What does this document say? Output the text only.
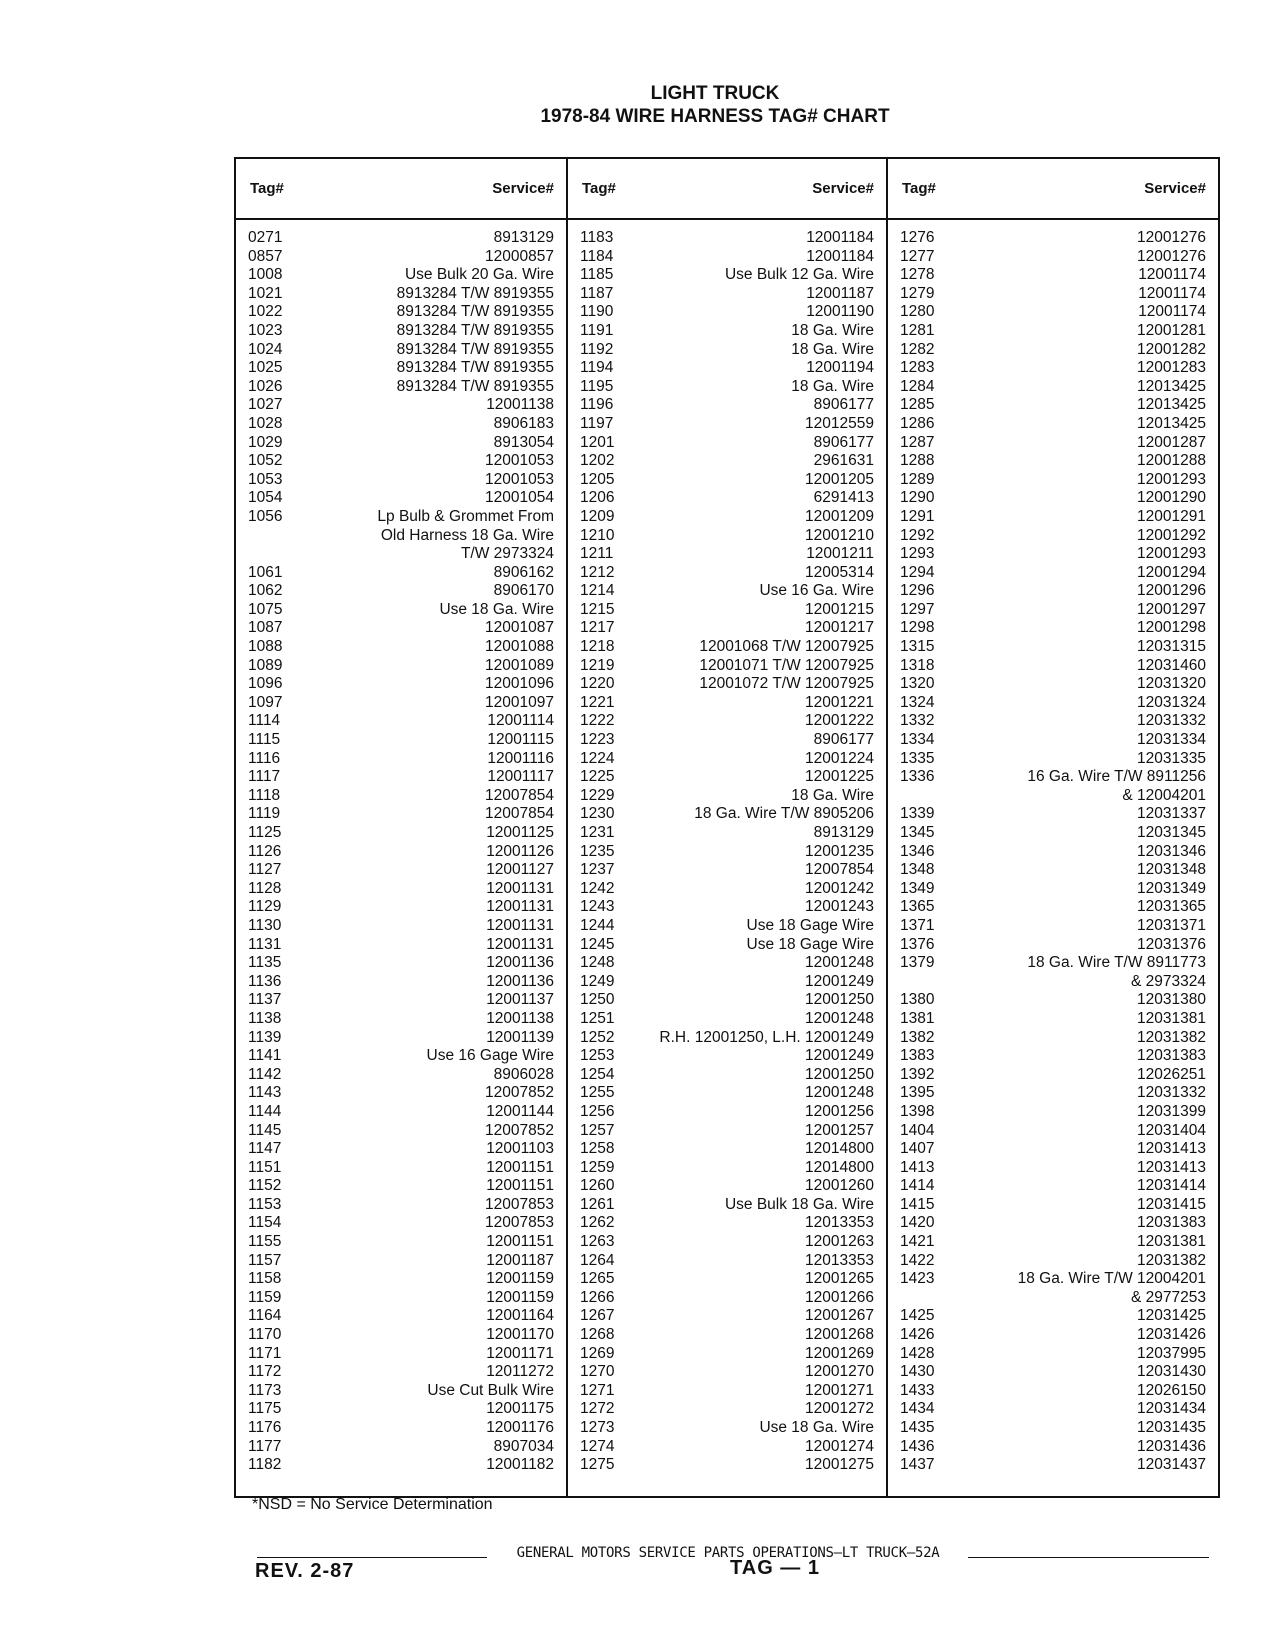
LIGHT TRUCK
1978-84 WIRE HARNESS TAG# CHART
Tag#	Service#
0271	8913129
0857	12000857
1008	Use Bulk 20 Ga. Wire
1021	8913284 T/W 8919355
1022	8913284 T/W 8919355
1023	8913284 T/W 8919355
1024	8913284 T/W 8919355
1025	8913284 T/W 8919355
1026	8913284 T/W 8919355
1027	12001138
1028	8906183
1029	8913054
1052	12001053
1053	12001053
1054	12001054
1056	Lp Bulb & Grommet From
Old Harness 18 Ga. Wire
T/W 2973324
1061	8906162
1062	8906170
1075	Use 18 Ga. Wire
1087	12001087
1088	12001088
1089	12001089
1096	12001096
1097	12001097
1114	12001114
1115	12001115
1116	12001116
1117	12001117
1118	12007854
1119	12007854
1125	12001125
1126	12001126
1127	12001127
1128	12001131
1129	12001131
1130	12001131
1131	12001131
1135	12001136
1136	12001136
1137	12001137
1138	12001138
1139	12001139
1141	Use 16 Gage Wire
1142	8906028
1143	12007852
1144	12001144
1145	12007852
1147	12001103
1151	12001151
1152	12001151
1153	12007853
1154	12007853
1155	12001151
1157	12001187
1158	12001159
1159	12001159
1164	12001164
1170	12001170
1171	12001171
1172	12011272
1173	Use Cut Bulk Wire
1175	12001175
1176	12001176
1177	8907034
1182	12001182
Tag#	Service#
1183	12001184
1184	12001184
1185	Use Bulk 12 Ga. Wire
1187	12001187
1190	12001190
1191	18 Ga. Wire
1192	18 Ga. Wire
1194	12001194
1195	18 Ga. Wire
1196	8906177
1197	12012559
1201	8906177
1202	2961631
1205	12001205
1206	6291413
1209	12001209
1210	12001210
1211	12001211
1212	12005314
1214	Use 16 Ga. Wire
1215	12001215
1217	12001217
1218	12001068 T/W 12007925
1219	12001071 T/W 12007925
1220	12001072 T/W 12007925
1221	12001221
1222	12001222
1223	8906177
1224	12001224
1225	12001225
1229	18 Ga. Wire
1230	18 Ga. Wire T/W 8905206
1231	8913129
1235	12001235
1237	12007854
1242	12001242
1243	12001243
1244	Use 18 Gage Wire
1245	Use 18 Gage Wire
1248	12001248
1249	12001249
1250	12001250
1251	12001248
1252	R.H. 12001250, L.H. 12001249
1253	12001249
1254	12001250
1255	12001248
1256	12001256
1257	12001257
1258	12014800
1259	12014800
1260	12001260
1261	Use Bulk 18 Ga. Wire
1262	12013353
1263	12001263
1264	12013353
1265	12001265
1266	12001266
1267	12001267
1268	12001268
1269	12001269
1270	12001270
1271	12001271
1272	12001272
1273	Use 18 Ga. Wire
1274	12001274
1275	12001275
Tag#	Service#
1276	12001276
1277	12001276
1278	12001174
1279	12001174
1280	12001174
1281	12001281
1282	12001282
1283	12001283
1284	12013425
1285	12013425
1286	12013425
1287	12001287
1288	12001288
1289	12001293
1290	12001290
1291	12001291
1292	12001292
1293	12001293
1294	12001294
1296	12001296
1297	12001297
1298	12001298
1315	12031315
1318	12031460
1320	12031320
1324	12031324
1332	12031332
1334	12031334
1335	12031335
1336	16 Ga. Wire T/W 8911256
& 12004201
1339	12031337
1345	12031345
1346	12031346
1348	12031348
1349	12031349
1365	12031365
1371	12031371
1376	12031376
1379	18 Ga. Wire T/W 8911773
& 2973324
1380	12031380
1381	12031381
1382	12031382
1383	12031383
1392	12026251
1395	12031332
1398	12031399
1404	12031404
1407	12031413
1413	12031413
1414	12031414
1415	12031415
1420	12031383
1421	12031381
1422	12031382
1423	18 Ga. Wire T/W 12004201
& 2977253
1425	12031425
1426	12031426
1428	12037995
1430	12031430
1433	12026150
1434	12031434
1435	12031435
1436	12031436
1437	12031437
*NSD = No Service Determination
GENERAL MOTORS SERVICE PARTS OPERATIONS—LT TRUCK—52A
REV. 2-87	TAG — 1
